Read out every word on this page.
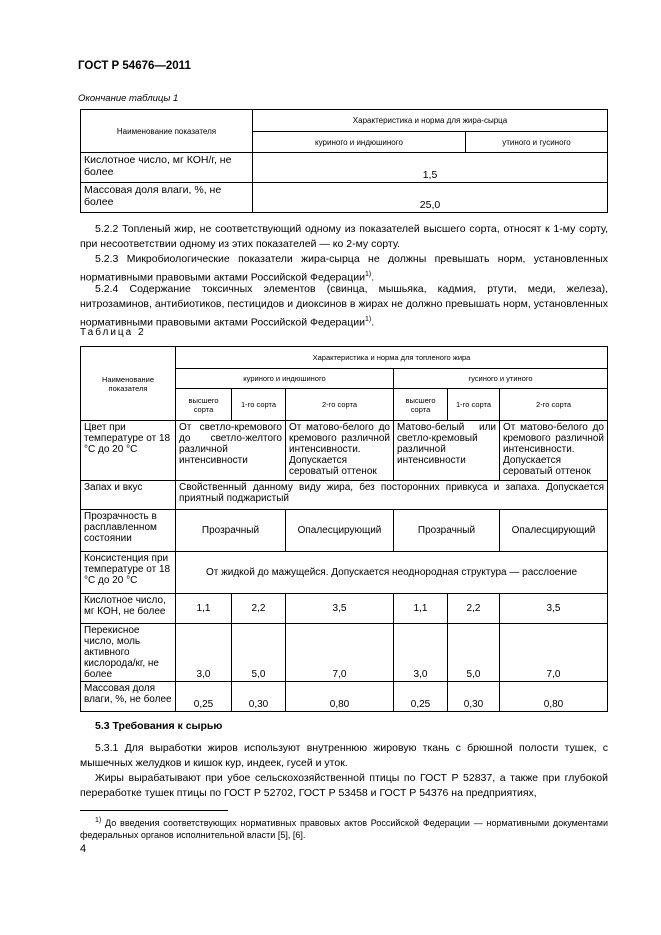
ГОСТ Р 54676—2011
Окончание таблицы 1
Наименование показателя	Характеристика и норма для жира-сырца	
	куриного и индюшиного	утиного и гусиного
Кислотное число, мг КОН/г, не более	1,5	
Массовая доля влаги, %, не более	25,0	
5.2.2 Топленый жир, не соответствующий одному из показателей высшего сорта, относят к 1-му сорту, при несоответствии одному из этих показателей — ко 2-му сорту.
5.2.3 Микробиологические показатели жира-сырца не должны превышать норм, установленных нормативными правовыми актами Российской Федерации$^{1)}$.
5.2.4 Содержание токсичных элементов (свинца, мышьяка, кадмия, ртути, меди, железа), нитрозаминов, антибиотиков, пестицидов и диоксинов в жирах не должно превышать норм, установленных нормативными правовыми актами Российской Федерации$^{1)}$.
Таблица 2
Наименование показателя	Характеристика и норма для топленого жира					
	куриного и индюшиного			гусиного и утиного		
	высшего сорта	1-го сорта	2-го сорта	высшего сорта	1-го сорта	2-го сорта
Цвет при температуре от 18 °С до 20 °С	От светло-кремового до светло-желтого различной интенсивности		От матово-белого до кремового различной интенсивности. Допускается сероватый оттенок	Матово-белый или светло-кремовый различной интенсивности		От матово-белого до кремового различной интенсивности. Допускается сероватый оттенок
Запах и вкус	Свойственный данному виду жира, без посторонних привкуса и запаха. Допускается приятный поджаристый					
Прозрачность в расплавленном состоянии	Прозрачный		Опалесцирующий	Прозрачный		Опалесцирующий
Консистенция при температуре от 18 °С до 20 °С	От жидкой до мажущейся. Допускается неоднородная структура — расслоение					
Кислотное число, мг КОН, не более	1,1	2,2	3,5	1,1	2,2	3,5
Перекисное число, моль активного кислорода/кг, не более	3,0	5,0	7,0	3,0	5,0	7,0
Массовая доля влаги, %, не более	0,25	0,30	0,80	0,25	0,30	0,80
5.3 Требования к сырью
5.3.1 Для выработки жиров используют внутреннюю жировую ткань с брюшной полости тушек, с мышечных желудков и кишок кур, индеек, гусей и уток.
Жиры вырабатывают при убое сельскохозяйственной птицы по ГОСТ Р 52837, а также при глубокой переработке тушек птицы по ГОСТ Р 52702, ГОСТ Р 53458 и ГОСТ Р 54376 на предприятиях,
$^{1)}$ До введения соответствующих нормативных правовых актов Российской Федерации — нормативными документами федеральных органов исполнительной власти [5], [6].
4
